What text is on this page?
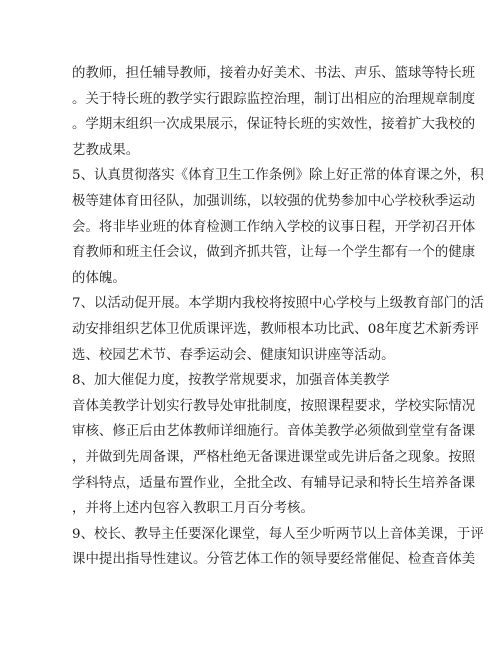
的教师，担任辅导教师，接着办好美术、书法、声乐、篮球等特长班
。关于特长班的教学实行跟踪监控治理，制订出相应的治理规章制度
。学期末组织一次成果展示，保证特长班的实效性，接着扩大我校的
艺教成果。
5、认真贯彻落实《体育卫生工作条例》除上好正常的体育课之外，积
极等建体育田径队，加强训练，以较强的优势参加中心学校秋季运动
会。将非毕业班的体育检测工作纳入学校的议事日程，开学初召开体
育教师和班主任会议，做到齐抓共管，让每一个学生都有一个的健康
的体魄。
7、以活动促开展。本学期内我校将按照中心学校与上级教育部门的活
动安排组织艺体卫优质课评选，教师根本功比武、08年度艺术新秀评
选、校园艺术节、春季运动会、健康知识讲座等活动。
8、加大催促力度，按教学常规要求，加强音体美教学
音体美教学计划实行教导处审批制度，按照课程要求，学校实际情况
审核、修正后由艺体教师详细施行。音体美教学必须做到堂堂有备课
，并做到先周备课，严格杜绝无备课进课堂或先讲后备之现象。按照
学科特点，适量布置作业，全批全改、有辅导记录和特长生培养备课
，并将上述内包容入教职工月百分考核。
9、校长、教导主任要深化课堂，每人至少听两节以上音体美课，于评
课中提出指导性建议。分管艺体工作的领导要经常催促、检查音体美
